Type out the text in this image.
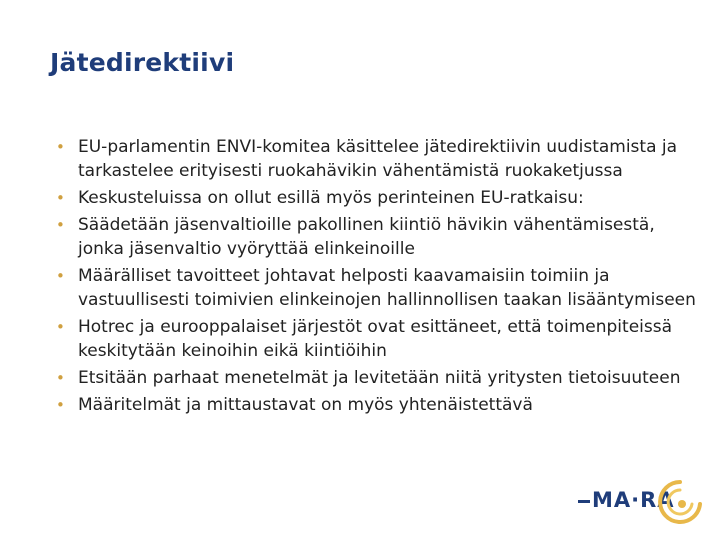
Jätedirektiivi
• EU-parlamentin ENVI-komitea käsittelee jätedirektiivin uudistamista ja tarkastelee erityisesti ruokahävikin vähentämistä ruokaketjussa
• Keskusteluissa on ollut esillä myös perinteinen EU-ratkaisu:
• Säädetään jäsenvaltioille pakollinen kiintiö hävikin vähentämisestä, jonka jäsenvaltio vyöryttää elinkeinoille
• Määrälliset tavoitteet johtavat helposti kaavamaisiin toimiin ja vastuullisesti toimivien elinkeinojen hallinnollisen taakan lisääntymiseen
• Hotrec ja eurooppalaiset järjestöt ovat esittäneet, että toimenpiteissä keskitytään keinoihin eikä kiintiöihin
• Etsitään parhaat menetelmät ja levitetään niitä yritysten tietoisuuteen
• Määritelmät ja mittaustavat on myös yhtenäistettävä
MA·RA
